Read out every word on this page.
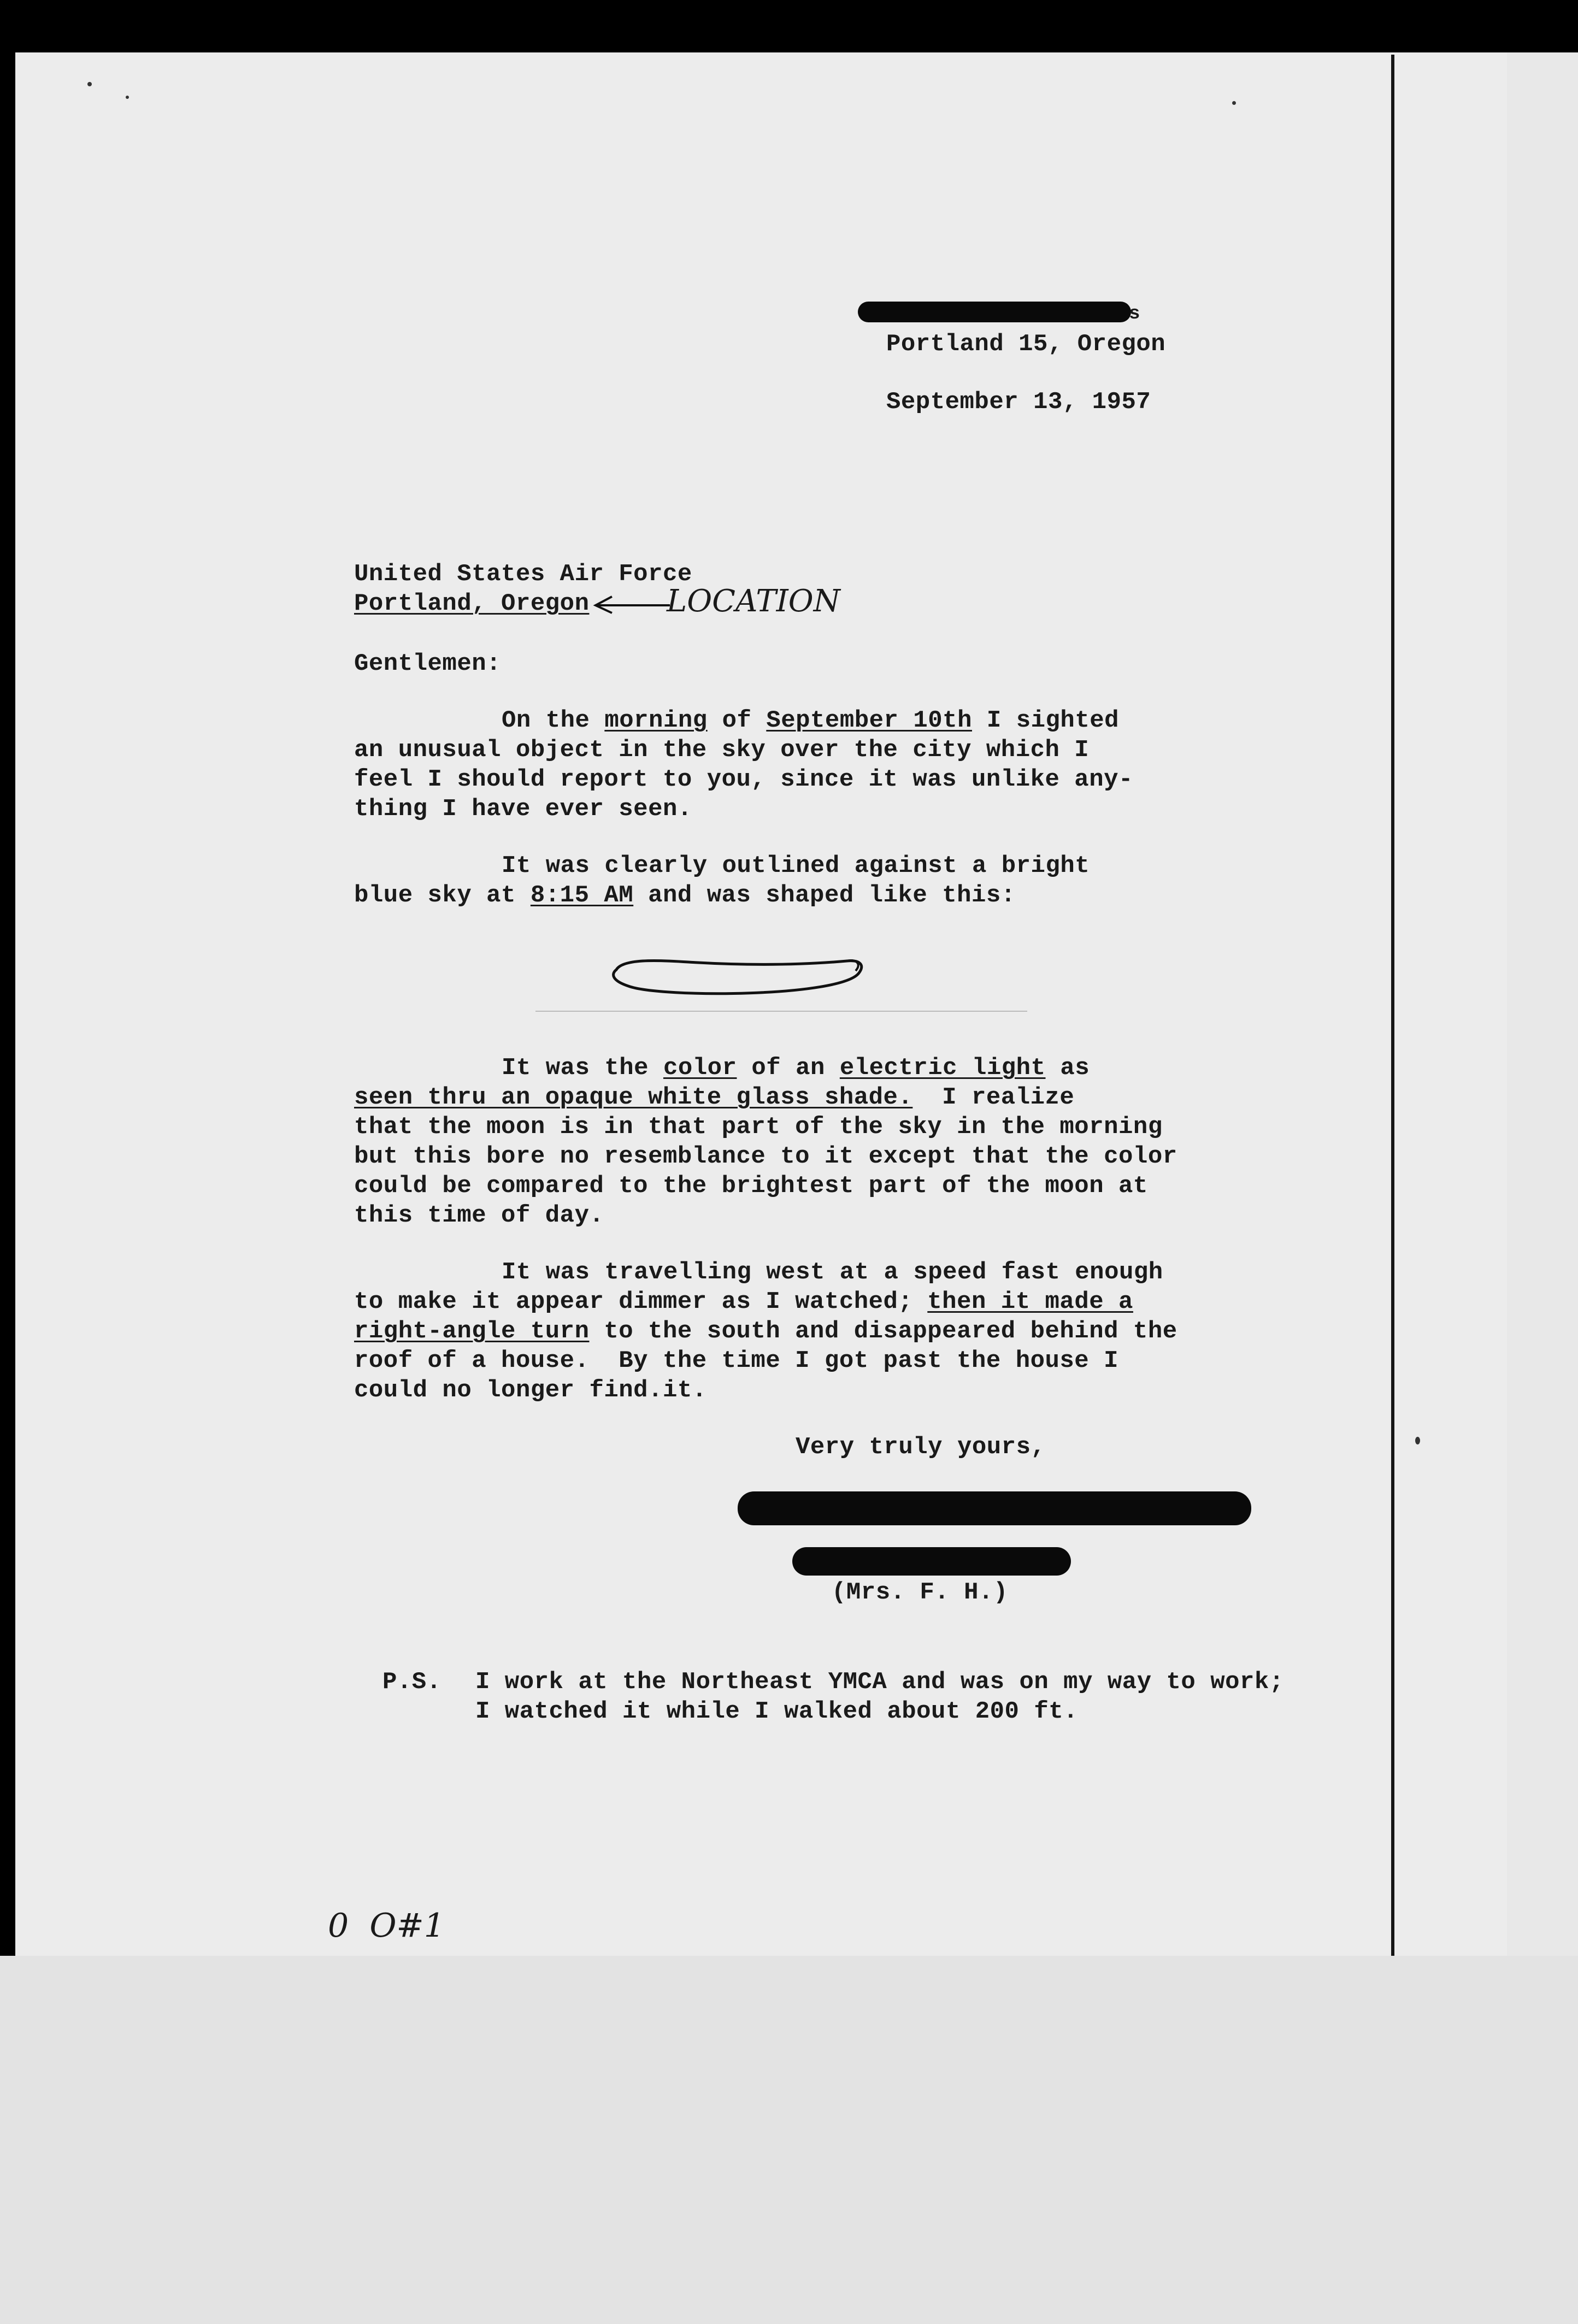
s
Portland 15, Oregon
September 13, 1957
United States Air Force
Portland, Oregon	LOCATION
Gentlemen:
On the morning of September 10th I sighted
an unusual object in the sky over the city which I
feel I should report to you, since it was unlike any-
thing I have ever seen.
It was clearly outlined against a bright
blue sky at 8:15 AM and was shaped like this:
It was the color of an electric light as
seen thru an opaque white glass shade.  I realize
that the moon is in that part of the sky in the morning
but this bore no resemblance to it except that the color
could be compared to the brightest part of the moon at
this time of day.
It was travelling west at a speed fast enough
to make it appear dimmer as I watched; then it made a
right-angle turn to the south and disappeared behind the
roof of a house.  By the time I got past the house I
could no longer find.it.
Very truly yours,
(Mrs. F. H.)
P.S. I work at the Northeast YMCA and was on my way to work;
I watched it while I walked about 200 ft.
0  O#1
